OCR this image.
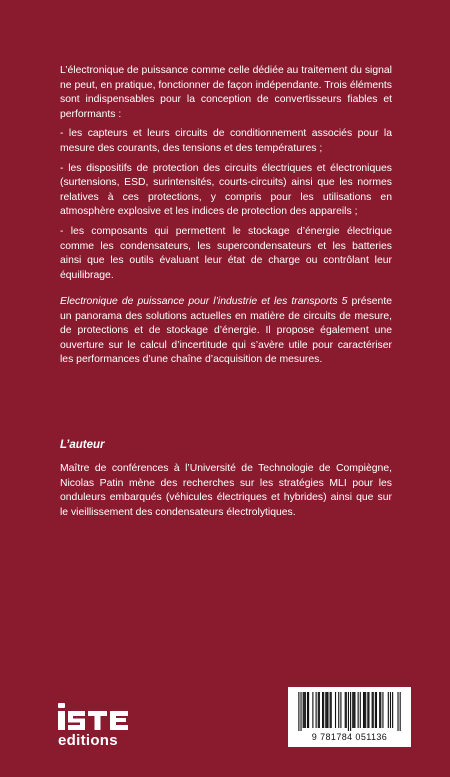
L’électronique de puissance comme celle dédiée au traitement du signal ne peut, en pratique, fonctionner de façon indépendante. Trois éléments sont indispensables pour la conception de convertisseurs fiables et performants :

- les capteurs et leurs circuits de conditionnement associés pour la mesure des courants, des tensions et des températures ;

- les dispositifs de protection des circuits électriques et électroniques (surtensions, ESD, surintensités, courts-circuits) ainsi que les normes relatives à ces protections, y compris pour les utilisations en atmosphère explosive et les indices de protection des appareils ;

- les composants qui permettent le stockage d’énergie électrique comme les condensateurs, les supercondensateurs et les batteries ainsi que les outils évaluant leur état de charge ou contrôlant leur équilibrage.

Electronique de puissance pour l’industrie et les transports 5 présente un panorama des solutions actuelles en matière de circuits de mesure, de protections et de stockage d’énergie. Il propose également une ouverture sur le calcul d’incertitude qui s’avère utile pour caractériser les performances d’une chaîne d’acquisition de mesures.

L’auteur

Maître de conférences à l’Université de Technologie de Compiègne, Nicolas Patin mène des recherches sur les stratégies MLI pour les onduleurs embarqués (véhicules électriques et hybrides) ainsi que sur le vieillissement des condensateurs électrolytiques.

editions
iSTE
9 781784 051136
